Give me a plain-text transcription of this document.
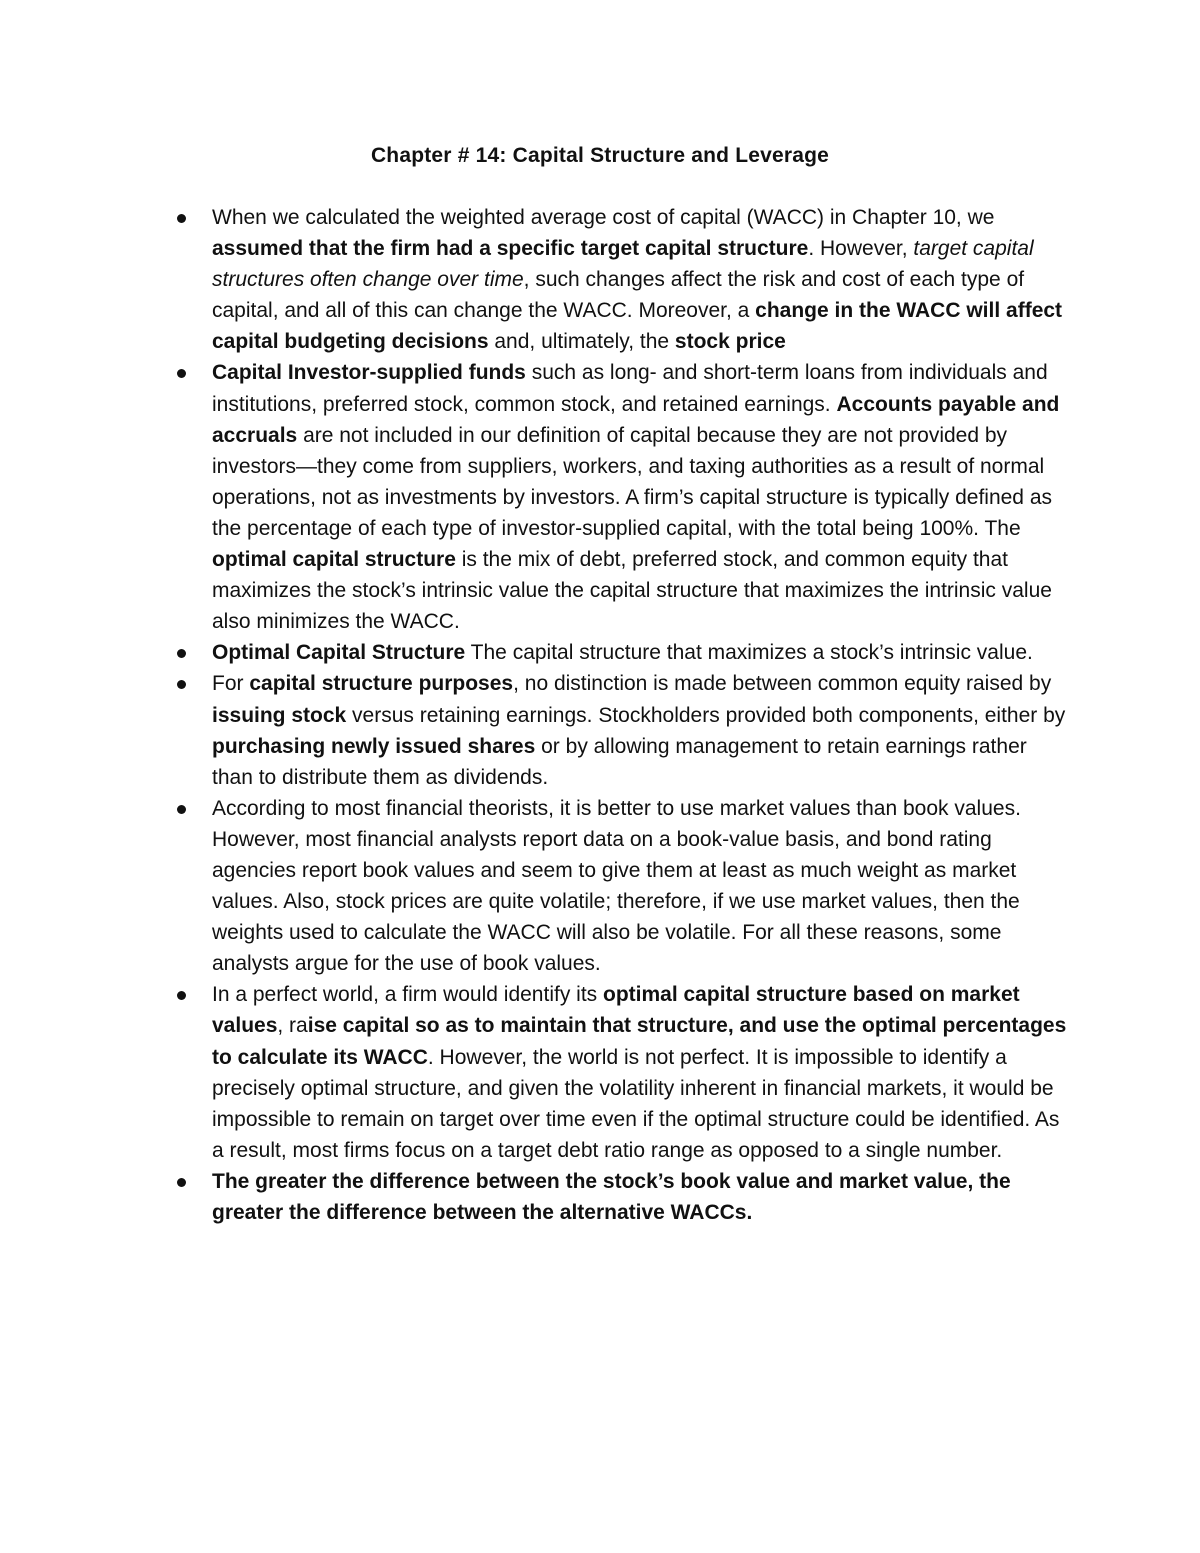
Chapter # 14: Capital Structure and Leverage
When we calculated the weighted average cost of capital (WACC) in Chapter 10, we assumed that the firm had a specific target capital structure. However, target capital structures often change over time, such changes affect the risk and cost of each type of capital, and all of this can change the WACC. Moreover, a change in the WACC will affect capital budgeting decisions and, ultimately, the stock price
Capital Investor-supplied funds such as long- and short-term loans from individuals and institutions, preferred stock, common stock, and retained earnings. Accounts payable and accruals are not included in our definition of capital because they are not provided by investors—they come from suppliers, workers, and taxing authorities as a result of normal operations, not as investments by investors. A firm’s capital structure is typically defined as the percentage of each type of investor-supplied capital, with the total being 100%. The optimal capital structure is the mix of debt, preferred stock, and common equity that maximizes the stock’s intrinsic value the capital structure that maximizes the intrinsic value also minimizes the WACC.
Optimal Capital Structure The capital structure that maximizes a stock’s intrinsic value.
For capital structure purposes, no distinction is made between common equity raised by issuing stock versus retaining earnings. Stockholders provided both components, either by purchasing newly issued shares or by allowing management to retain earnings rather than to distribute them as dividends.
According to most financial theorists, it is better to use market values than book values. However, most financial analysts report data on a book-value basis, and bond rating agencies report book values and seem to give them at least as much weight as market values. Also, stock prices are quite volatile; therefore, if we use market values, then the weights used to calculate the WACC will also be volatile. For all these reasons, some analysts argue for the use of book values.
In a perfect world, a firm would identify its optimal capital structure based on market values, raise capital so as to maintain that structure, and use the optimal percentages to calculate its WACC. However, the world is not perfect. It is impossible to identify a precisely optimal structure, and given the volatility inherent in financial markets, it would be impossible to remain on target over time even if the optimal structure could be identified. As a result, most firms focus on a target debt ratio range as opposed to a single number.
The greater the difference between the stock’s book value and market value, the greater the difference between the alternative WACCs.
